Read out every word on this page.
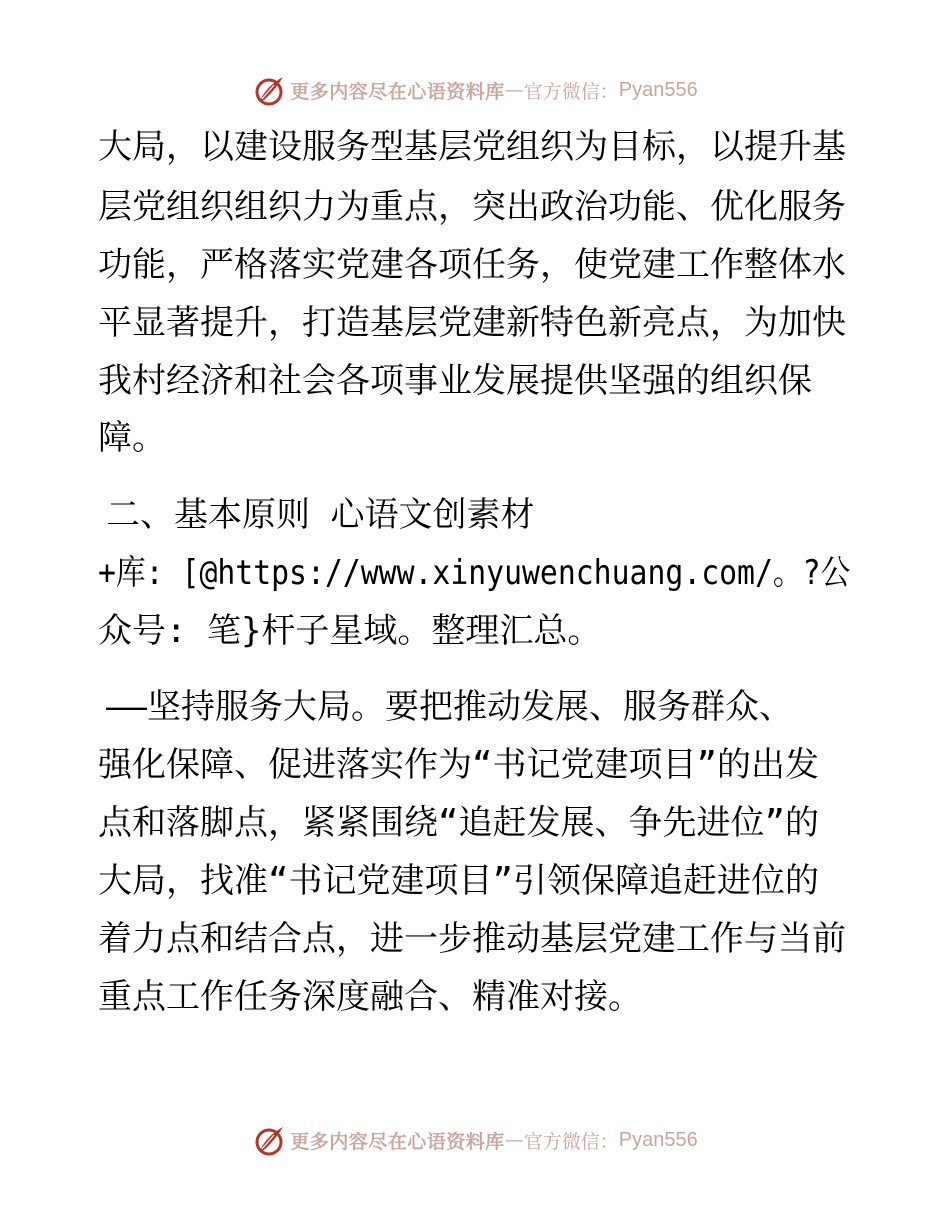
更多内容尽在心语资料库 — 官方微信： Pyan556
大局，以建设服务型基层党组织为目标，以提升基
层党组织组织力为重点，突出政治功能、优化服务
功能，严格落实党建各项任务，使党建工作整体水
平显著提升，打造基层党建新特色新亮点，为加快
我村经济和社会各项事业发展提供坚强的组织保
障。
二、基本原则 心语文创素材
+库: [@https://www.xinyuwenchuang.com/。?公
众号: 笔}杆子星域。整理汇总。
——坚持服务大局。要把推动发展、服务群众、
强化保障、促进落实作为“书记党建项目”的出发
点和落脚点，紧紧围绕“追赶发展、争先进位”的
大局，找准“书记党建项目”引领保障追赶进位的
着力点和结合点，进一步推动基层党建工作与当前
重点工作任务深度融合、精准对接。
更多内容尽在心语资料库 — 官方微信： Pyan556
